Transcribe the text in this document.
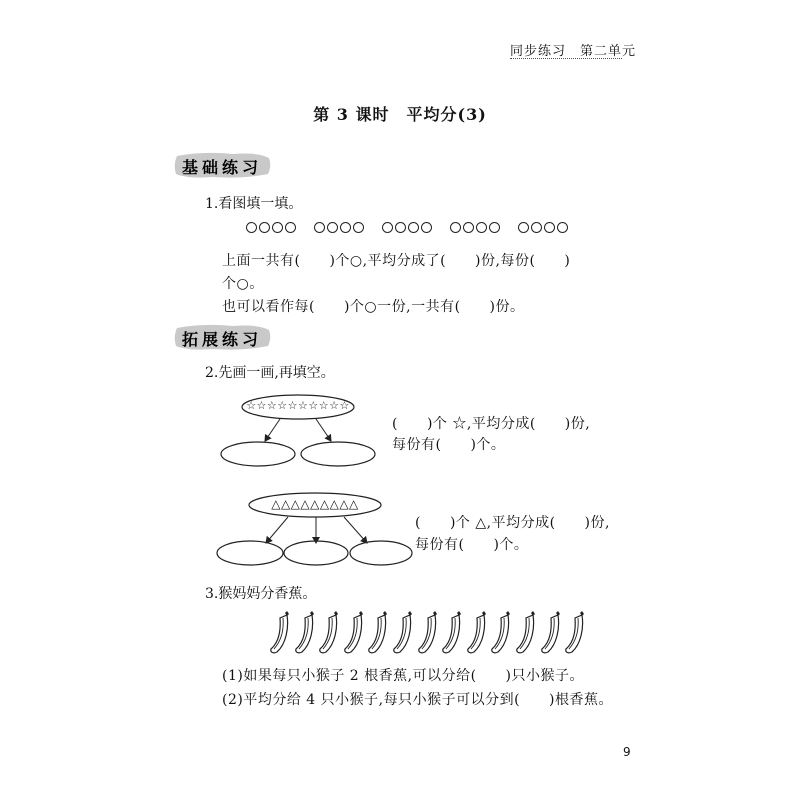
同步练习　第二单元
第 3 课时　平均分(3)
基础练习
1.看图填一填。
上面一共有(　　)个○,平均分成了(　　)份,每份(　　)
个○。
也可以看作每(　　)个○一份,一共有(　　)份。
拓展练习
2.先画一画,再填空。
☆☆☆☆☆☆☆☆☆☆
(　　)个 ☆,平均分成(　　)份,
每份有(　　)个。
△△△△△△△△△
(　　)个 △,平均分成(　　)份,
每份有(　　)个。
3.猴妈妈分香蕉。
(1)如果每只小猴子 2 根香蕉,可以分给(　　)只小猴子。
(2)平均分给 4 只小猴子,每只小猴子可以分到(　　)根香蕉。
9
